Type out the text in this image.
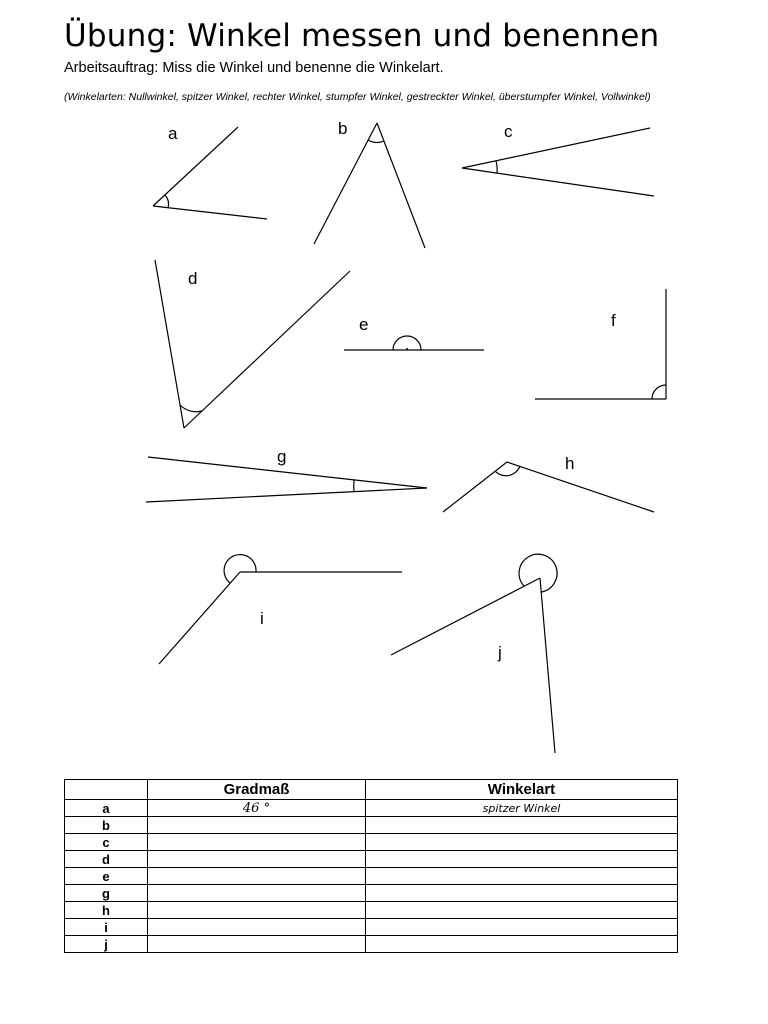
Übung: Winkel messen und benennen
Arbeitsauftrag: Miss die Winkel und benenne die Winkelart.
(Winkelarten: Nullwinkel, spitzer Winkel, rechter Winkel, stumpfer Winkel, gestreckter Winkel, überstumpfer Winkel, Vollwinkel)
a	b	c
d
e	f
g	h
i
j
	Gradmaß	Winkelart
a	46 °	spitzer Winkel
b		
c		
d		
e		
g		
h		
i		
j		
